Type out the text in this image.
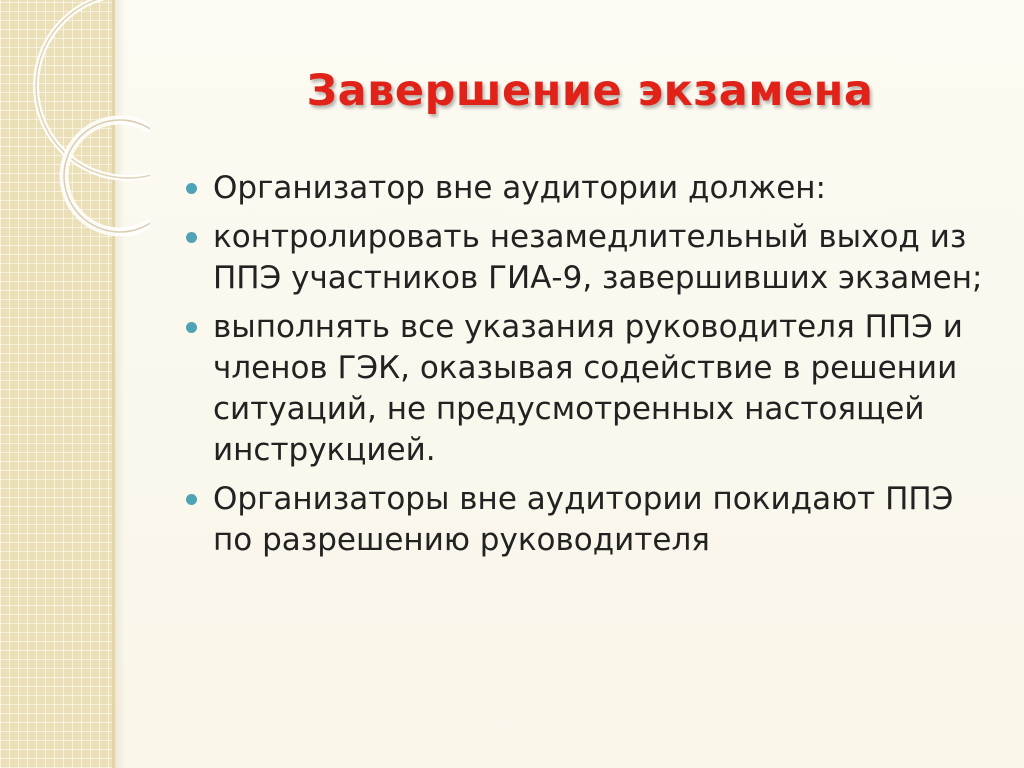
Завершение экзамена
Организатор вне аудитории должен:
контролировать незамедлительный выход из ППЭ участников ГИА-9, завершивших экзамен;
выполнять все указания руководителя ППЭ и членов ГЭК, оказывая содействие в решении ситуаций, не предусмотренных настоящей инструкцией.
Организаторы вне аудитории покидают ППЭ по разрешению руководителя
